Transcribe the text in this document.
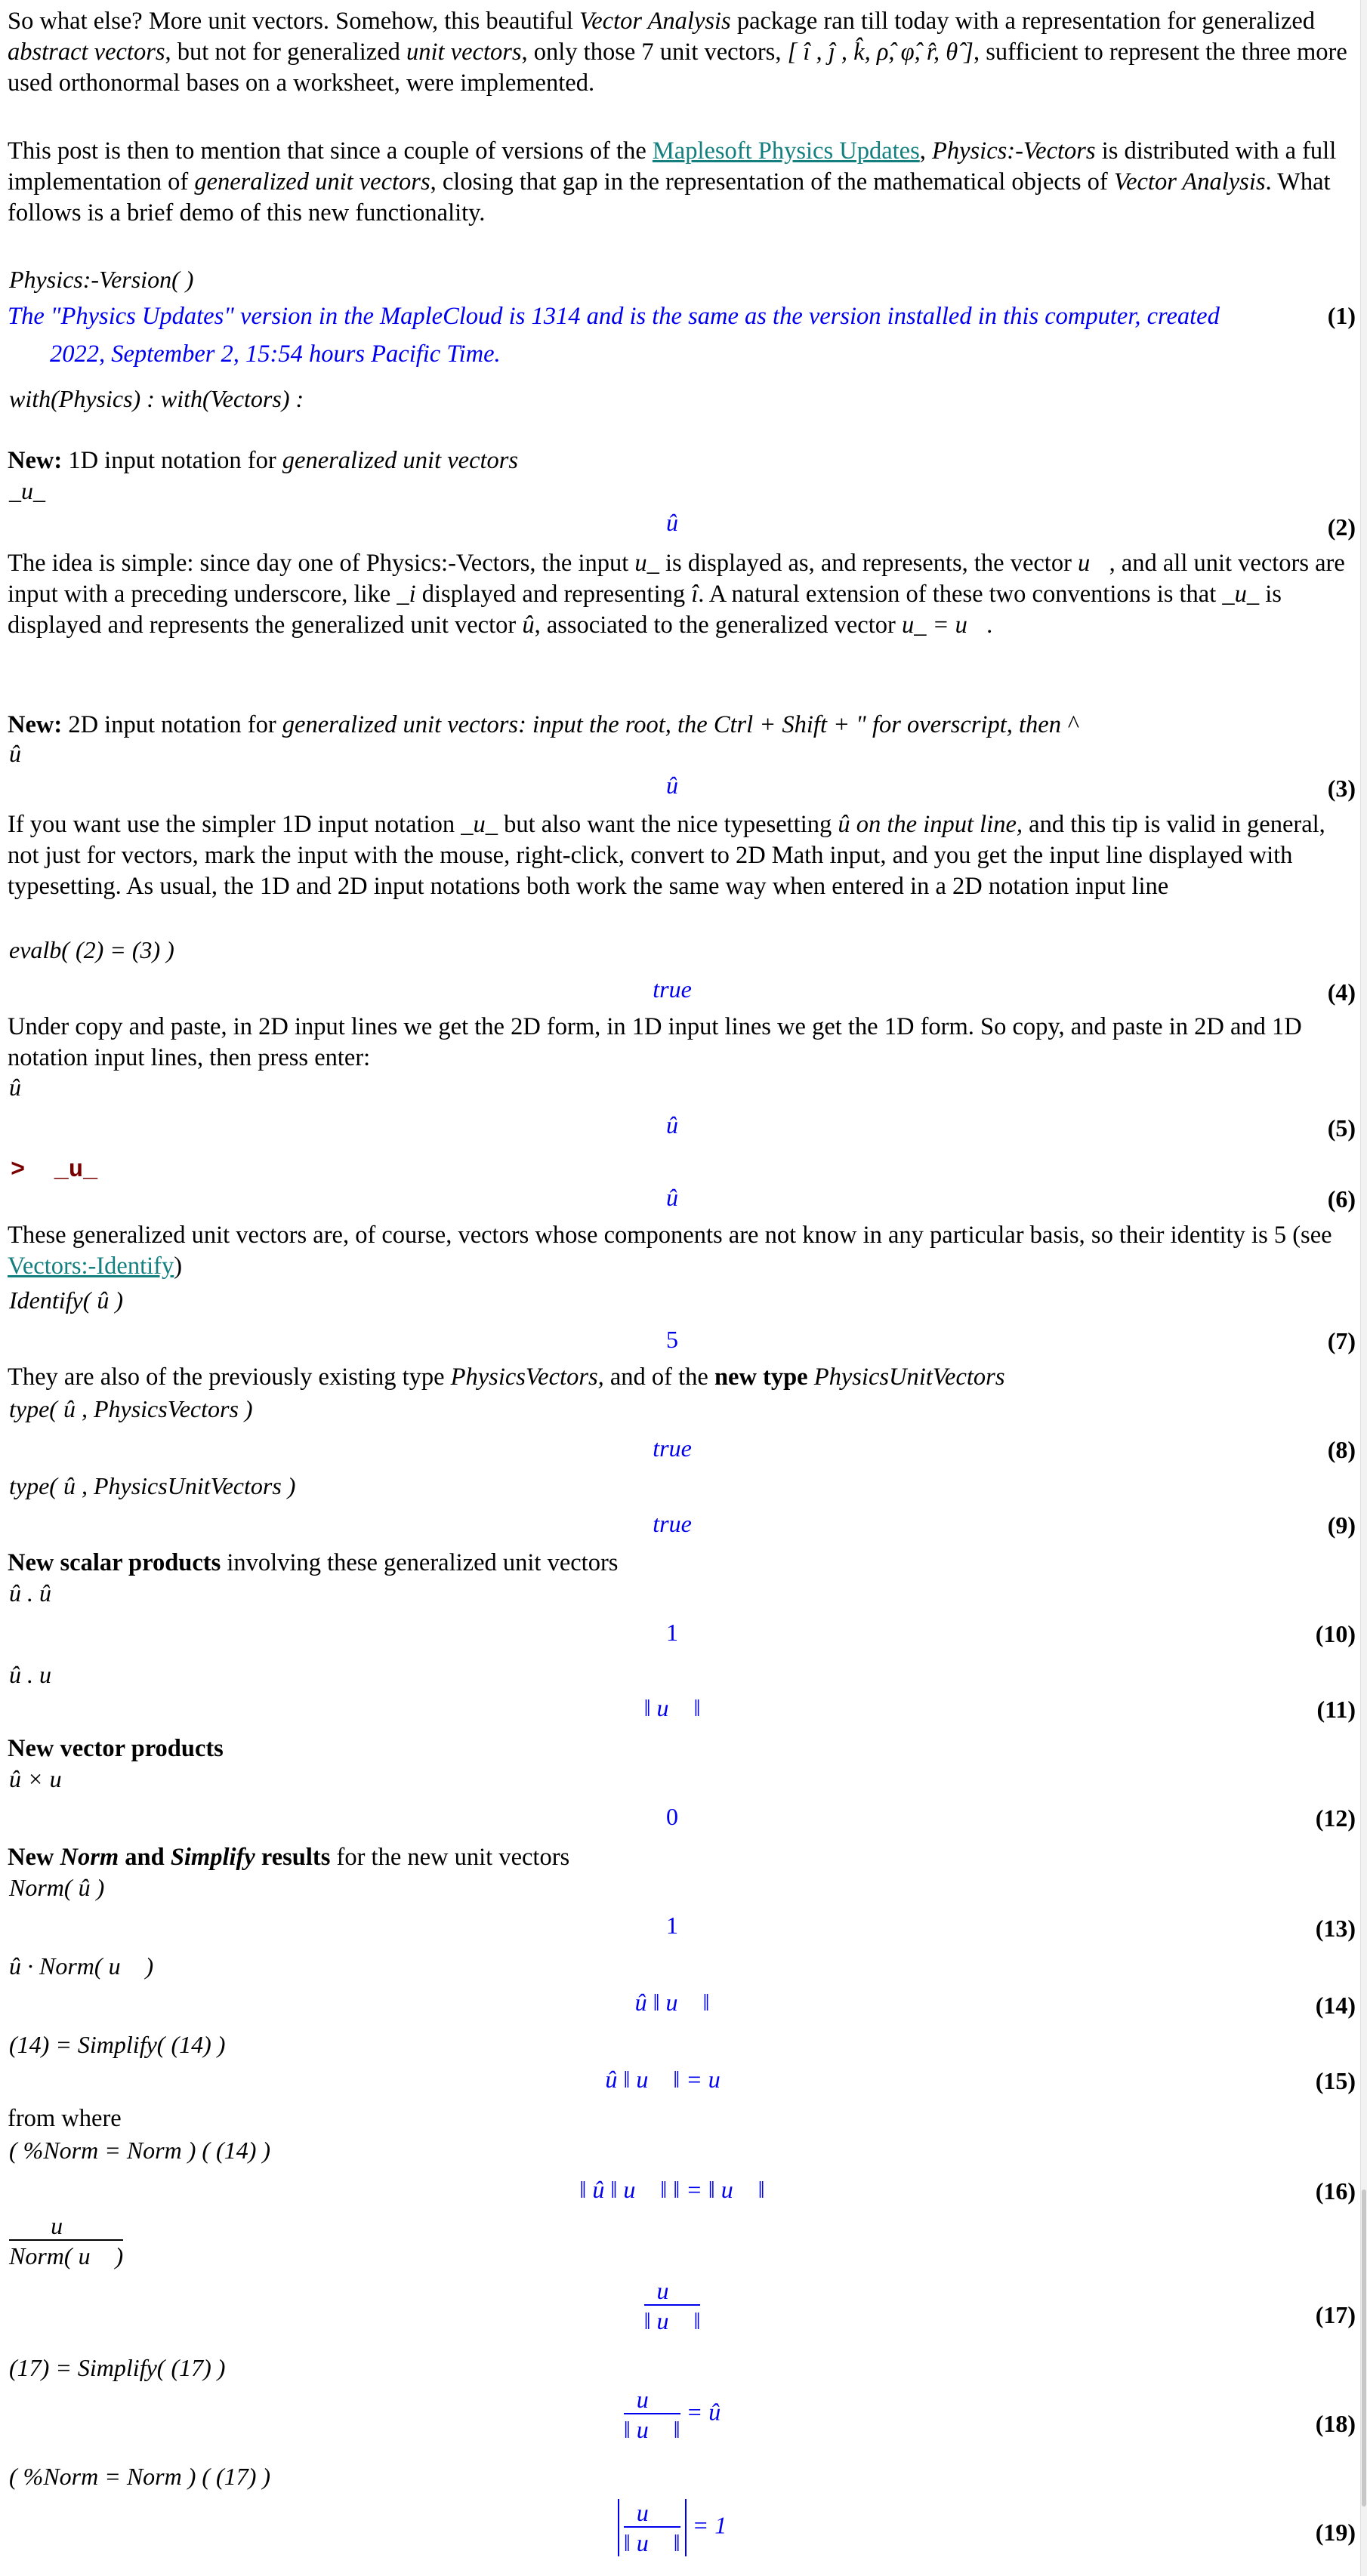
So what else? More unit vectors. Somehow, this beautiful Vector Analysis package ran till today with a representation for generalized abstract vectors, but not for generalized unit vectors, only those 7 unit vectors, [ î , ĵ , k̂, ρ̂, φ̂, r̂, θ̂ ], sufficient to represent the three more used orthonormal bases on a worksheet, were implemented.
This post is then to mention that since a couple of versions of the Maplesoft Physics Updates, Physics:-Vectors is distributed with a full implementation of generalized unit vectors, closing that gap in the representation of the mathematical objects of Vector Analysis. What follows is a brief demo of this new functionality.
Physics:-Version( )
The "Physics Updates" version in the MapleCloud is 1314 and is the same as the version installed in this computer, created 2022, September 2, 15:54 hours Pacific Time.
(1)
with(Physics) : with(Vectors) :
New: 1D input notation for generalized unit vectors
_u_
û	(2)
The idea is simple: since day one of Physics:-Vectors, the input u_ is displayed as, and represents, the vector u⃗, and all unit vectors are input with a preceding underscore, like _i displayed and representing î. A natural extension of these two conventions is that _u_ is displayed and represents the generalized unit vector û, associated to the generalized vector u_ = u⃗.
New: 2D input notation for generalized unit vectors: input the root, the Ctrl + Shift + " for overscript, then ^
û
û	(3)
If you want use the simpler 1D input notation _u_ but also want the nice typesetting û on the input line, and this tip is valid in general, not just for vectors, mark the input with the mouse, right-click, convert to 2D Math input, and you get the input line displayed with typesetting. As usual, the 1D and 2D input notations both work the same way when entered in a 2D notation input line
evalb( (2) = (3) )
true	(4)
Under copy and paste, in 2D input lines we get the 2D form, in 1D input lines we get the 1D form. So copy, and paste in 2D and 1D notation input lines, then press enter:
û
û	(5)
> _u_
û	(6)
These generalized unit vectors are, of course, vectors whose components are not know in any particular basis, so their identity is 5 (see Vectors:-Identify)
Identify( û )
5	(7)
They are also of the previously existing type PhysicsVectors, and of the new type PhysicsUnitVectors
type( û , PhysicsVectors )
true	(8)
type( û , PhysicsUnitVectors )
true	(9)
New scalar products involving these generalized unit vectors
û . û
1	(10)
û . u⃗
‖ u⃗ ‖	(11)
New vector products
û × u⃗
0	(12)
New Norm and Simplify results for the new unit vectors
Norm( û )
1	(13)
û · Norm( u⃗ )
û ‖ u⃗ ‖	(14)
(14) = Simplify( (14) )
û ‖ u⃗ ‖ = u⃗	(15)
from where
( %Norm = Norm ) ( (14) )
‖ û ‖ u⃗ ‖ ‖ = ‖ u⃗ ‖	(16)
$\frac{u⃗}{\text{Norm( u⃗ )}}$
$\frac{u⃗}{‖ u⃗ ‖}$	(17)
(17) = Simplify( (17) )
$\frac{u⃗}{‖ u⃗ ‖}$ = û	(18)
( %Norm = Norm ) ( (17) )
$\frac{u⃗}{‖ u⃗ ‖} = 1$	(19)
